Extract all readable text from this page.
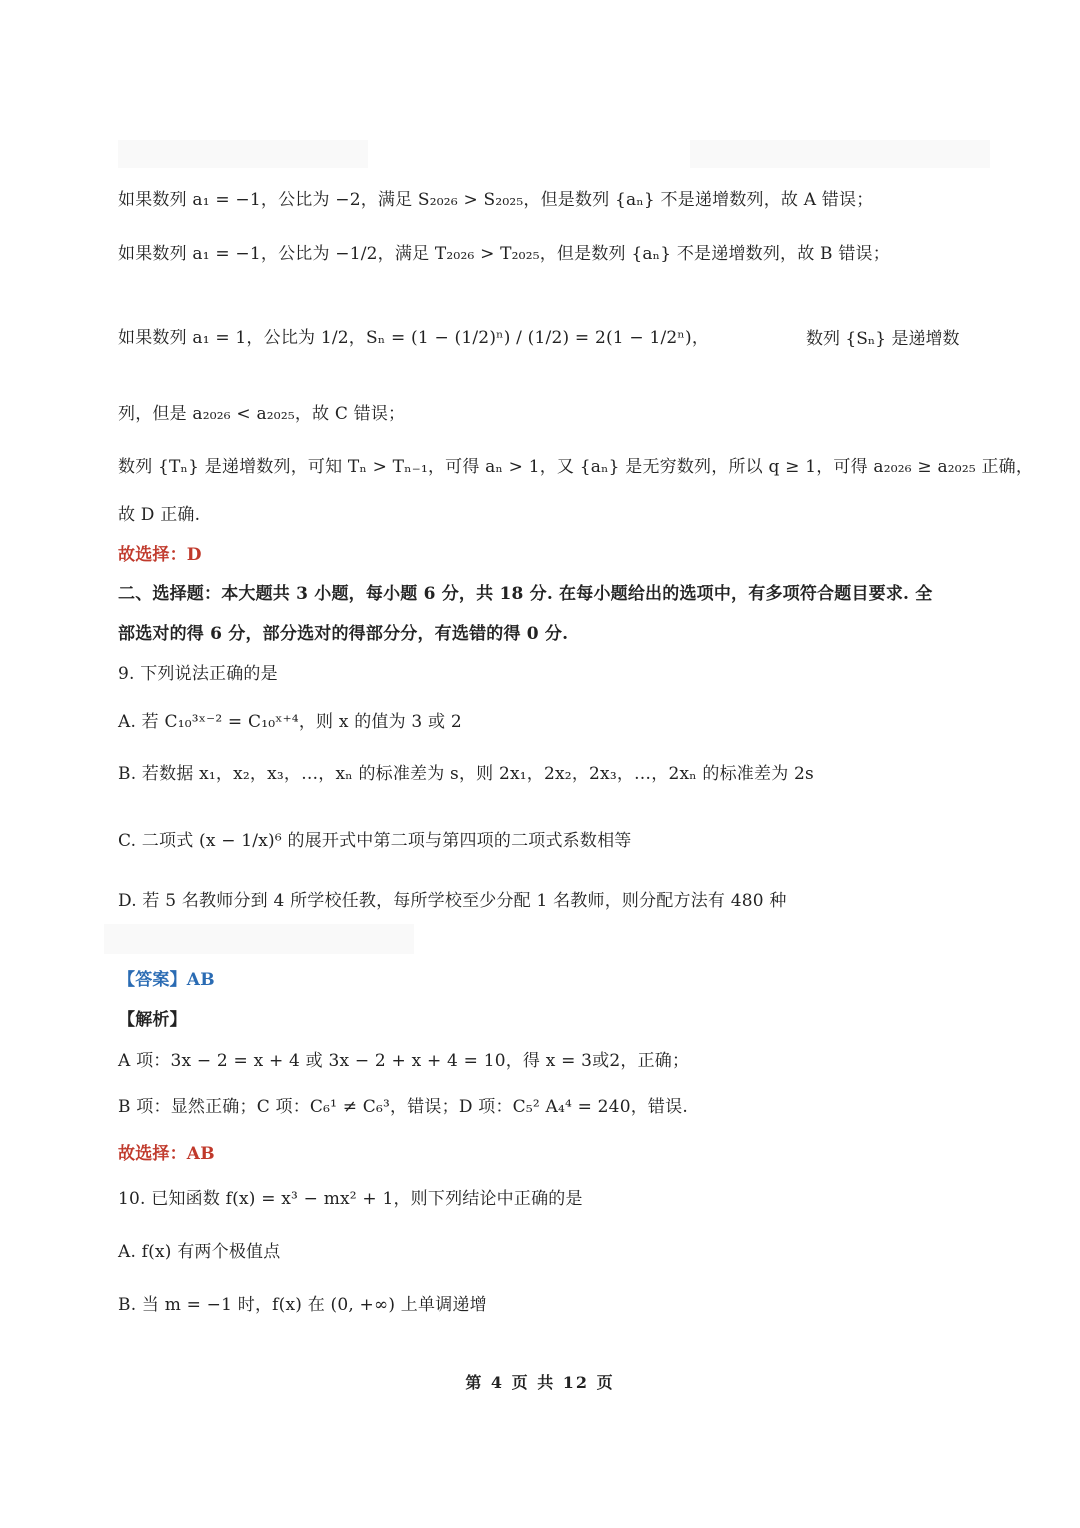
如果数列 a₁ = −1，公比为 −2，满足 S₂₀₂₆ > S₂₀₂₅，但是数列 {aₙ} 不是递增数列，故 A 错误；
如果数列 a₁ = −1，公比为 −1/2，满足 T₂₀₂₆ > T₂₀₂₅，但是数列 {aₙ} 不是递增数列，故 B 错误；
如果数列 a₁ = 1，公比为 1/2，Sₙ = (1 − (1/2)ⁿ) / (1/2) = 2(1 − 1/2ⁿ)，	数列 {Sₙ} 是递增数
列，但是 a₂₀₂₆ < a₂₀₂₅，故 C 错误；
数列 {Tₙ} 是递增数列，可知 Tₙ > Tₙ₋₁，可得 aₙ > 1，又 {aₙ} 是无穷数列，所以 q ≥ 1，可得 a₂₀₂₆ ≥ a₂₀₂₅ 正确，
故 D 正确.
故选择：D
二、选择题：本大题共 3 小题，每小题 6 分，共 18 分. 在每小题给出的选项中，有多项符合题目要求. 全
部选对的得 6 分，部分选对的得部分分，有选错的得 0 分.
9. 下列说法正确的是
A. 若 C₁₀³ˣ⁻² = C₁₀ˣ⁺⁴，则 x 的值为 3 或 2
B. 若数据 x₁，x₂，x₃，…，xₙ 的标准差为 s，则 2x₁，2x₂，2x₃，…，2xₙ 的标准差为 2s
C. 二项式 (x − 1/x)⁶ 的展开式中第二项与第四项的二项式系数相等
D. 若 5 名教师分到 4 所学校任教，每所学校至少分配 1 名教师，则分配方法有 480 种
【答案】AB
【解析】
A 项：3x − 2 = x + 4 或 3x − 2 + x + 4 = 10，得 x = 3或2，正确；
B 项：显然正确；C 项：C₆¹ ≠ C₆³，错误；D 项：C₅² A₄⁴ = 240，错误.
故选择：AB
10. 已知函数 f(x) = x³ − mx² + 1，则下列结论中正确的是
A. f(x) 有两个极值点
B. 当 m = −1 时，f(x) 在 (0, +∞) 上单调递增
第 4 页 共 12 页
